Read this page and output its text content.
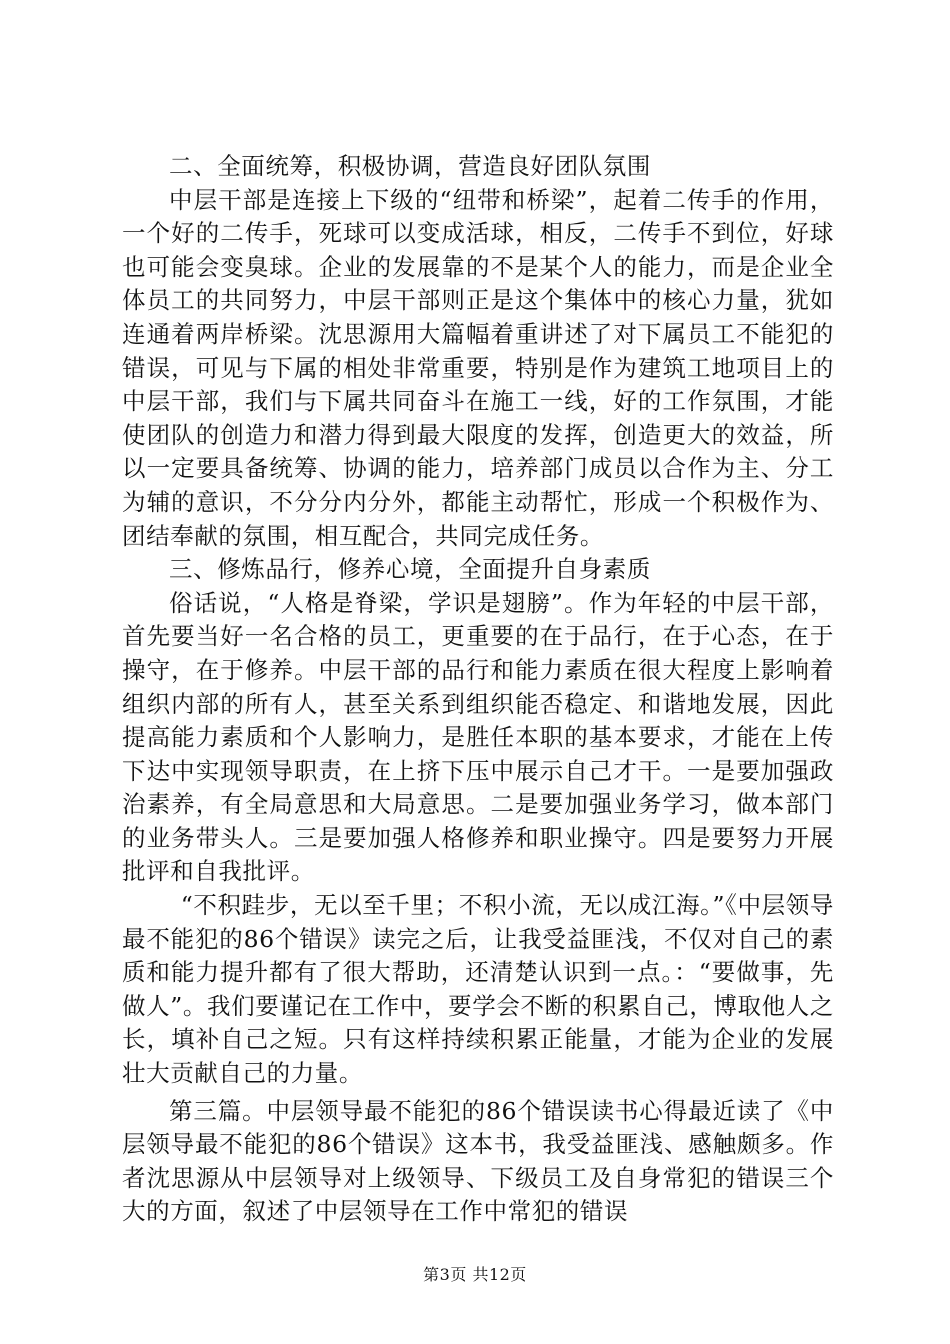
二、全面统筹，积极协调，营造良好团队氛围

中层干部是连接上下级的“纽带和桥梁”，起着二传手的作用，一个好的二传手，死球可以变成活球，相反，二传手不到位，好球也可能会变臭球。企业的发展靠的不是某个人的能力，而是企业全体员工的共同努力，中层干部则正是这个集体中的核心力量，犹如连通着两岸桥梁。沈思源用大篇幅着重讲述了对下属员工不能犯的错误，可见与下属的相处非常重要，特别是作为建筑工地项目上的中层干部，我们与下属共同奋斗在施工一线，好的工作氛围，才能使团队的创造力和潜力得到最大限度的发挥，创造更大的效益，所以一定要具备统筹、协调的能力，培养部门成员以合作为主、分工为辅的意识，不分分内分外，都能主动帮忙，形成一个积极作为、团结奉献的氛围，相互配合，共同完成任务。

三、修炼品行，修养心境，全面提升自身素质

俗话说，“人格是脊梁，学识是翅膀”。作为年轻的中层干部，首先要当好一名合格的员工，更重要的在于品行，在于心态，在于操守，在于修养。中层干部的品行和能力素质在很大程度上影响着组织内部的所有人，甚至关系到组织能否稳定、和谐地发展，因此提高能力素质和个人影响力，是胜任本职的基本要求，才能在上传下达中实现领导职责，在上挤下压中展示自己才干。一是要加强政治素养，有全局意思和大局意思。二是要加强业务学习，做本部门的业务带头人。三是要加强人格修养和职业操守。四是要努力开展批评和自我批评。

“不积跬步，无以至千里；不积小流，无以成江海。”《中层领导最不能犯的86个错误》读完之后，让我受益匪浅，不仅对自己的素质和能力提升都有了很大帮助，还清楚认识到一点。：“要做事，先做人”。我们要谨记在工作中，要学会不断的积累自己，博取他人之长，填补自己之短。只有这样持续积累正能量，才能为企业的发展壮大贡献自己的力量。

第三篇。中层领导最不能犯的86个错误读书心得最近读了《中层领导最不能犯的86个错误》这本书，我受益匪浅、感触颇多。作者沈思源从中层领导对上级领导、下级员工及自身常犯的错误三个大的方面，叙述了中层领导在工作中常犯的错误

第3页 共12页
